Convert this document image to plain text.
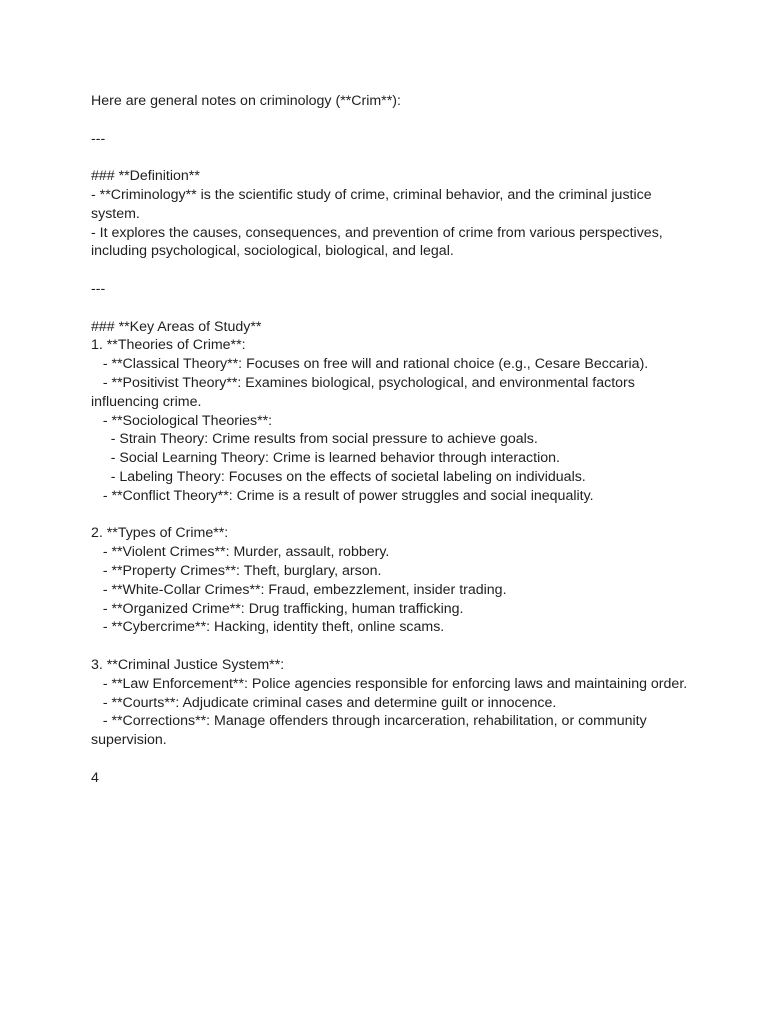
Here are general notes on criminology (**Crim**):
---
### **Definition**
- **Criminology** is the scientific study of crime, criminal behavior, and the criminal justice
system.
- It explores the causes, consequences, and prevention of crime from various perspectives,
including psychological, sociological, biological, and legal.
---
### **Key Areas of Study**
1. **Theories of Crime**:
- **Classical Theory**: Focuses on free will and rational choice (e.g., Cesare Beccaria).
- **Positivist Theory**: Examines biological, psychological, and environmental factors
influencing crime.
- **Sociological Theories**:
- Strain Theory: Crime results from social pressure to achieve goals.
- Social Learning Theory: Crime is learned behavior through interaction.
- Labeling Theory: Focuses on the effects of societal labeling on individuals.
- **Conflict Theory**: Crime is a result of power struggles and social inequality.
2. **Types of Crime**:
- **Violent Crimes**: Murder, assault, robbery.
- **Property Crimes**: Theft, burglary, arson.
- **White-Collar Crimes**: Fraud, embezzlement, insider trading.
- **Organized Crime**: Drug trafficking, human trafficking.
- **Cybercrime**: Hacking, identity theft, online scams.
3. **Criminal Justice System**:
- **Law Enforcement**: Police agencies responsible for enforcing laws and maintaining order.
- **Courts**: Adjudicate criminal cases and determine guilt or innocence.
- **Corrections**: Manage offenders through incarceration, rehabilitation, or community
supervision.
4
